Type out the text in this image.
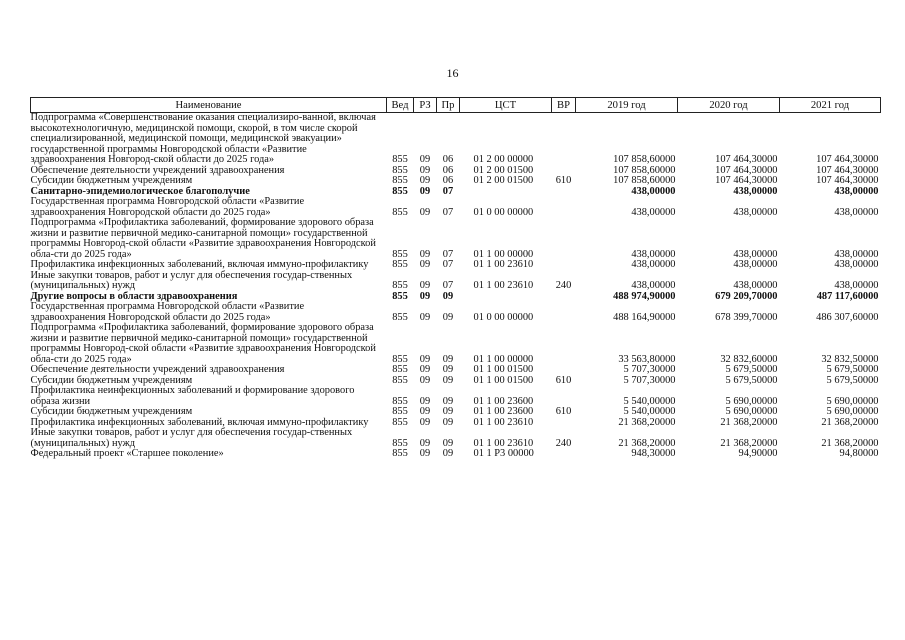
16
Наименование	Вед	РЗ	Пр	ЦСТ	ВР	2019 год	2020 год	2021 год
Подпрограмма «Совершенствование оказания специализиро-ванной, включая высокотехнологичную, медицинской помощи, скорой, в том числе скорой специализированной, медицинской помощи, медицинской эвакуации» государственной программы Новгородской области «Развитие здравоохранения Новгород-ской области до 2025 года»	855	09	06	01 2 00 00000		107 858,60000	107 464,30000	107 464,30000
Обеспечение деятельности учреждений здравоохранения	855	09	06	01 2 00 01500		107 858,60000	107 464,30000	107 464,30000
Субсидии бюджетным учреждениям	855	09	06	01 2 00 01500	610	107 858,60000	107 464,30000	107 464,30000
Санитарно-эпидемиологическое благополучие	855	09	07			438,00000	438,00000	438,00000
Государственная программа Новгородской области «Развитие здравоохранения Новгородской области до 2025 года»	855	09	07	01 0 00 00000		438,00000	438,00000	438,00000
Подпрограмма «Профилактика заболеваний, формирование здорового образа жизни и развитие первичной медико-санитарной помощи» государственной программы Новгород-ской области «Развитие здравоохранения Новгородской обла-сти до 2025 года»	855	09	07	01 1 00 00000		438,00000	438,00000	438,00000
Профилактика инфекционных заболеваний, включая иммуно-профилактику	855	09	07	01 1 00 23610		438,00000	438,00000	438,00000
Иные закупки товаров, работ и услуг для обеспечения государ-ственных (муниципальных) нужд	855	09	07	01 1 00 23610	240	438,00000	438,00000	438,00000
Другие вопросы в области здравоохранения	855	09	09			488 974,90000	679 209,70000	487 117,60000
Государственная программа Новгородской области «Развитие здравоохранения Новгородской области до 2025 года»	855	09	09	01 0 00 00000		488 164,90000	678 399,70000	486 307,60000
Подпрограмма «Профилактика заболеваний, формирование здорового образа жизни и развитие первичной медико-санитарной помощи» государственной программы Новгород-ской области «Развитие здравоохранения Новгородской обла-сти до 2025 года»	855	09	09	01 1 00 00000		33 563,80000	32 832,60000	32 832,50000
Обеспечение деятельности учреждений здравоохранения	855	09	09	01 1 00 01500		5 707,30000	5 679,50000	5 679,50000
Субсидии бюджетным учреждениям	855	09	09	01 1 00 01500	610	5 707,30000	5 679,50000	5 679,50000
Профилактика неинфекционных заболеваний и формирование здорового образа жизни	855	09	09	01 1 00 23600		5 540,00000	5 690,00000	5 690,00000
Субсидии бюджетным учреждениям	855	09	09	01 1 00 23600	610	5 540,00000	5 690,00000	5 690,00000
Профилактика инфекционных заболеваний, включая иммуно-профилактику	855	09	09	01 1 00 23610		21 368,20000	21 368,20000	21 368,20000
Иные закупки товаров, работ и услуг для обеспечения государ-ственных (муниципальных) нужд	855	09	09	01 1 00 23610	240	21 368,20000	21 368,20000	21 368,20000
Федеральный проект «Старшее поколение»	855	09	09	01 1 Р3 00000		948,30000	94,90000	94,80000
